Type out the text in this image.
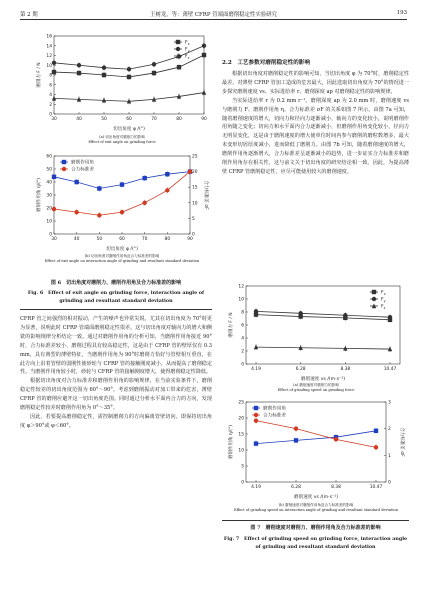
第 2 期	王树龙，等：薄壁 CFRP 管端面磨削稳定性实验研究	193
30	40	50	60	70	80	90
切出角度 φ /(°)
0
2
4
6
8
10
12
14
16
磨削力 F / N
$F_x$
$F_y$
$F_z$
(a) 切出角度对磨削力的影响
Effect of exit angle on grinding force
30	40	50	60	70	80	90
切出角度 φ /(°)
0
10
20
30
40
50
60
磨削作用角 η/(°)
0
5
10
15
20
25
合力标准差 σF
磨削作用角
合力标准差
(b) 切出角度对磨削作用角及合力标准差的影响
Effect of exit angle on interaction angle of grinding and resultant standard deviation
图 6　切出角度对磨削力、磨削作用角及合力标准差的影响
Fig. 6　Effect of exit angle on grinding force, interaction angle of
grinding and resultant standard deviation

CFRP 管之间强烈的相对振动，产生的噪声也异常尖锐，尤其在切出角度为 70°时更为显著，说明此时 CFRP 管端面磨削稳定性很差。这与切出角度对轴向力的增大和侧铣的影响规律分析结论一致。通过对磨削作用角的分析可知，当磨削作用角接近 90°时，合力标准差较小，磨削过程具有较高稳定性，这是由于 CFRP 管的壁厚仅有 0.3 mm，具有典型的薄壁特征，当磨削作用角为 90°时磨削力恰好与管壁相互垂直，在此方向上沿着管壁的弱刚性使砂轮与 CFRP 管的接触刚度减小，从而提高了磨削稳定性。当磨削作用角较小时，砂轮与 CFRP 管的接触刚度增大，使得磨削稳定性降低。

根据切出角度对合力标准差和磨削作用角的影响规律，在当前实验条件下，磨削稳定性较差的切出角度范围为 60°～90°。考虑到磨削振动对加工带来的危害，薄壁 CFRP 管的磨削应避开这一切出角度范围。同时通过分析水平面内合力的方向，发现磨削稳定性较差时磨削作用角为 0°～35°。

因此，若要提高磨削稳定性，需控制磨削力的方向偏离管壁切向，即保持切出角度 φ＞90°或 φ＜60°。

2.2　工艺参数对磨削稳定性的影响

根据切出角度对磨削稳定性的影响可知，当切出角度 φ 为 70°时，磨削稳定性最差，对薄壁 CFRP 管加工造成的危害最大，因此选取切出角度为 70°的情况进一步探究磨削速度 vs、实际进给率 r、磨削深度 ap 对磨削稳定性的影响规律。

当实际进给率 r 为 0.2 mm r⁻¹、磨削深度 ap 为 2.0 mm 时，磨削速度 vs 与磨削力 F、磨削作用角 η、合力标准差 σF 的关系如图 7 所示。由图 7a 可知，随着磨削速度的增大，切向力和径向力逐渐减小，轴向力的变化较小，说明磨削作用角随之变化；切向力和水平面内合力逐渐减小，但磨削作用角变化较小，径向力无明显变化，这是由于磨削速度的增大使单位时间内参与磨削的磨粒数增多，最大未变形切屑厚度减小，进而降低了磨削力。由图 7b 可知，随着磨削速度的增大，磨削作用角逐渐增大，合力标准差呈逐渐减小的趋势，进一步证实合力标准差和磨削作用角存在相关性，这与前文关于切出角度的研究结论相一致。因此，为提高薄壁 CFRP 管磨削稳定性，应尽可能使用较大的磨削速度。

4.19	6.28	8.38	10.47
磨削速度 vs /(m·s⁻¹)
0
2
4
6
8
10
12
磨削力 F / N
$F_x$
$F_y$
$F_z$
(a) 磨削速度对磨削力的影响
Effect of grinding speed on grinding force
4.19	6.28	8.38	10.47
磨削速度 vs /(m·s⁻¹)
0
5
10
15
20
25
磨削作用角 η/(°)
0
1
2
3
合力标准差 σF
磨削作用角
合力标准差
(b) 磨削速度对磨削作用角及合力标准差的影响
Effect of grinding speed on interaction angle of grinding and resultant standard deviation
图 7　磨削速度对磨削力、磨削作用角及合力标准差的影响
Fig. 7　Effect of grinding speed on grinding force, interaction angle
of grinding and resultant standard deviation
